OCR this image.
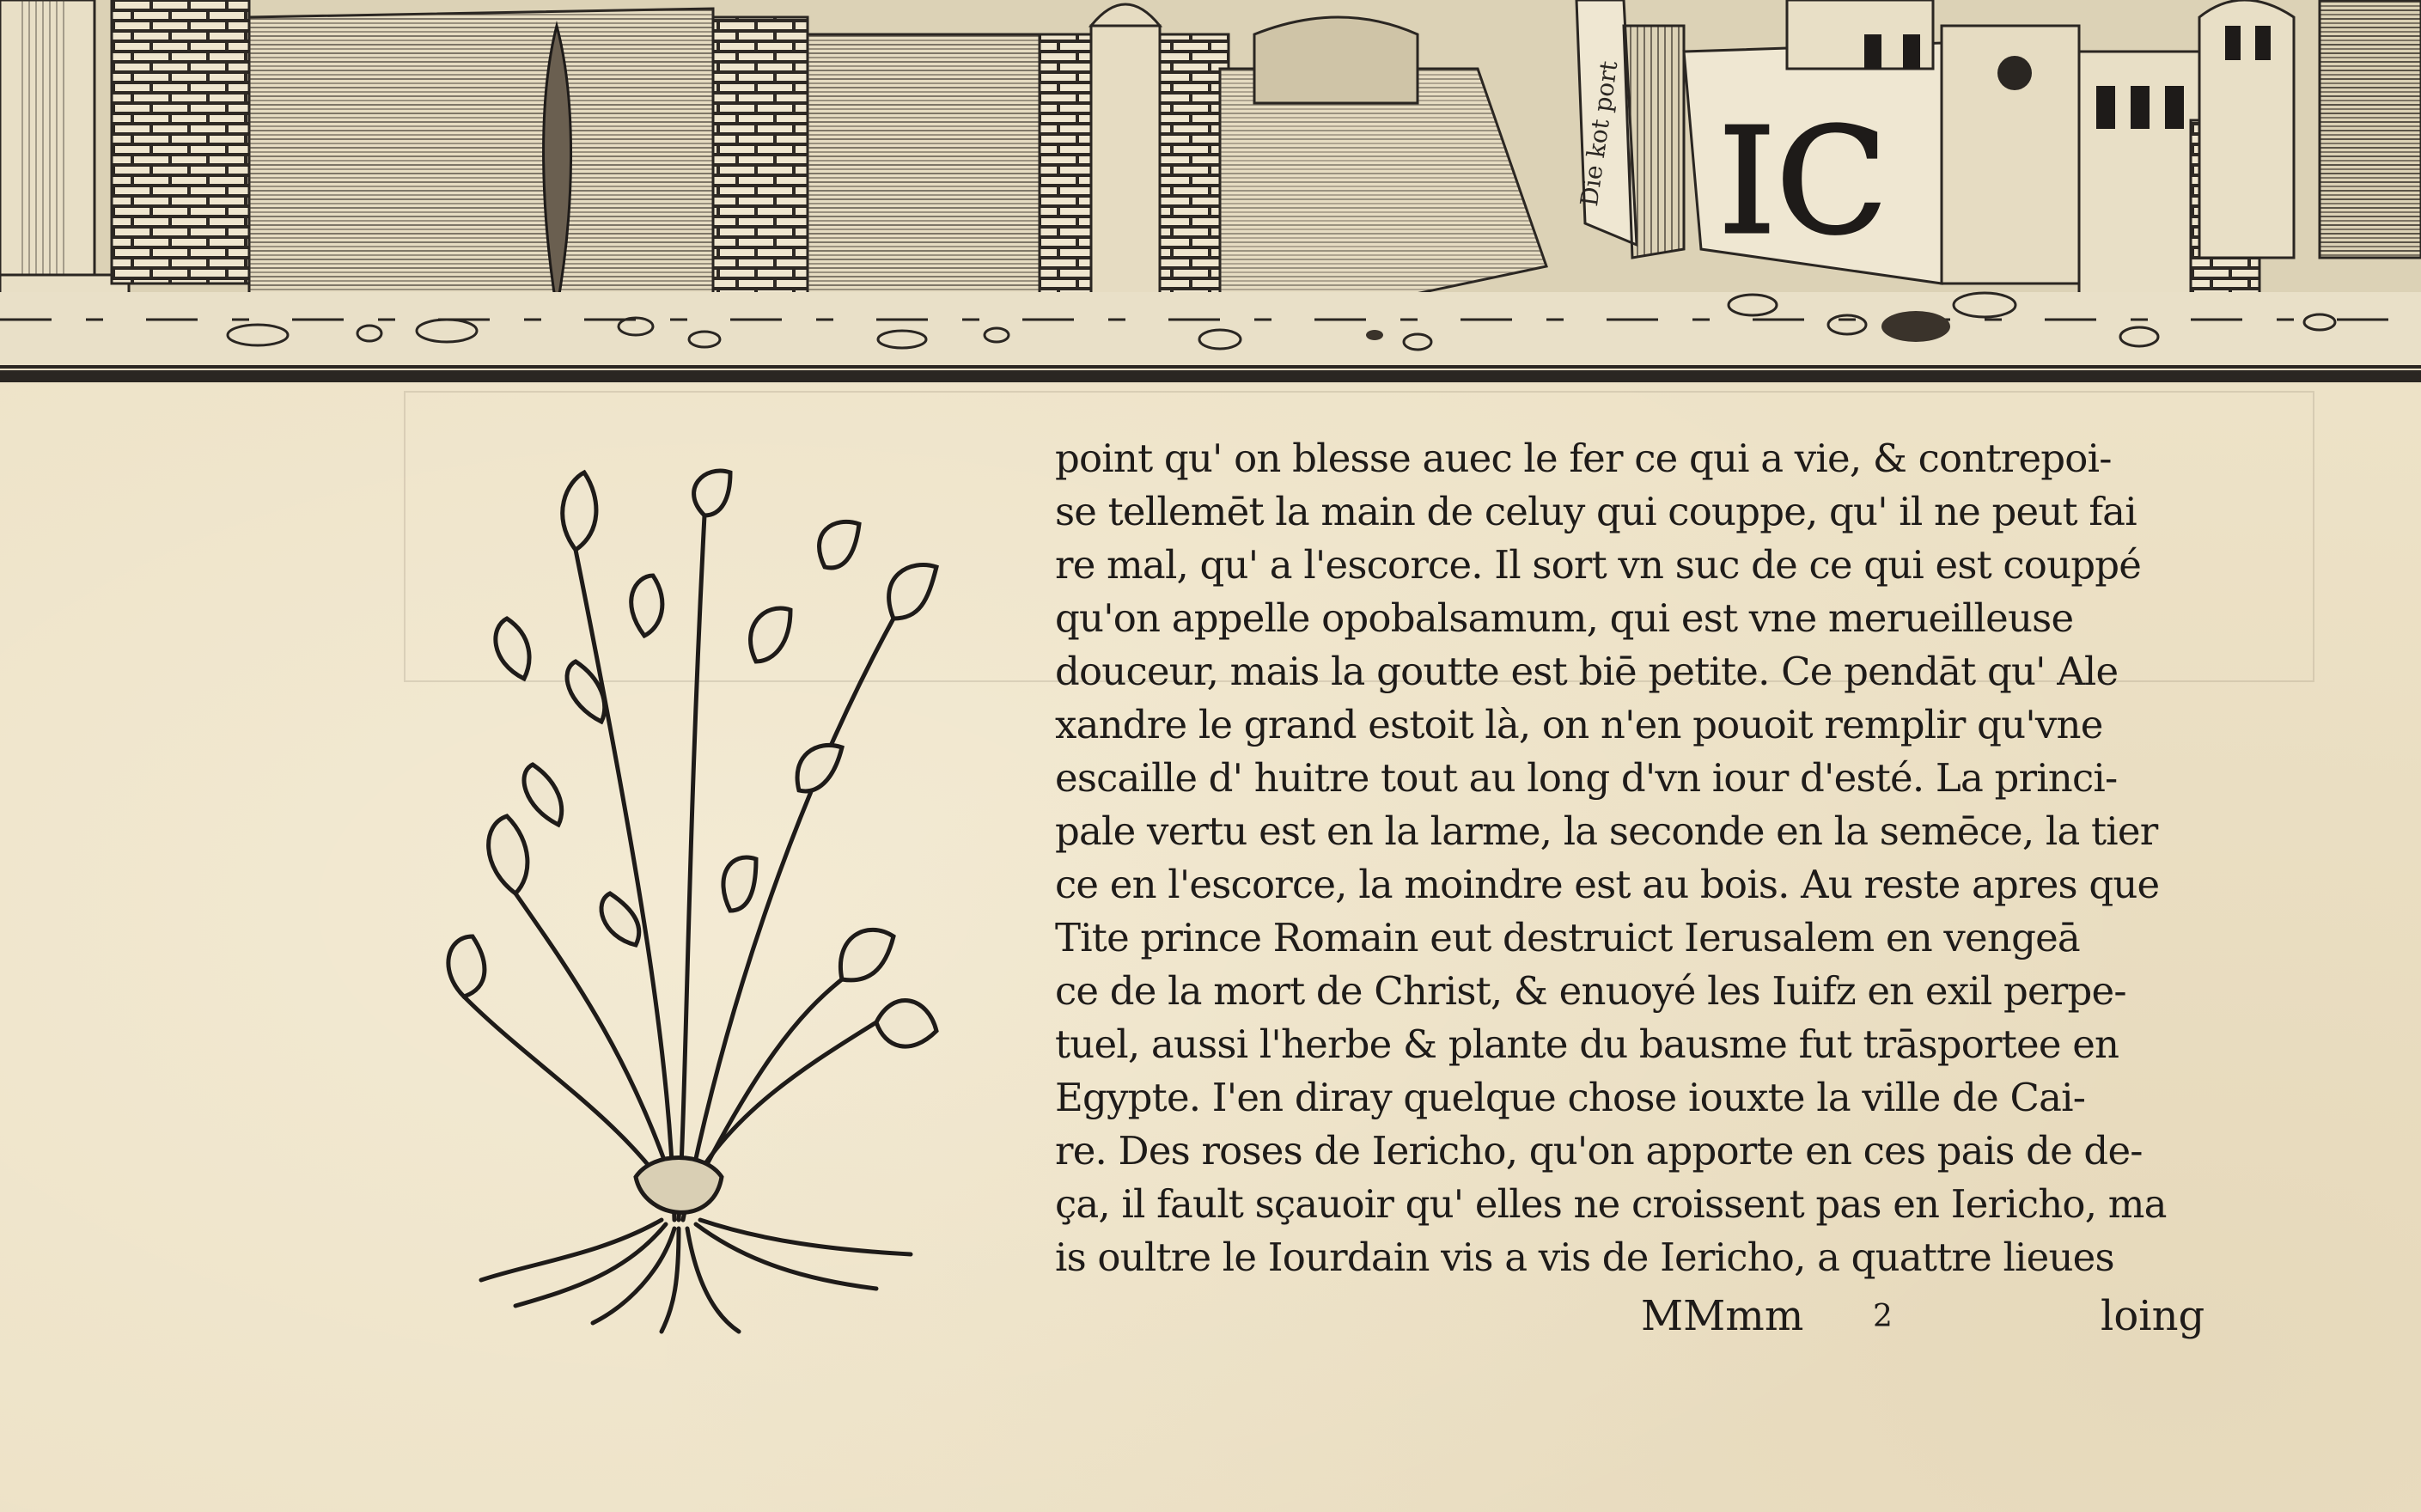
IC
Die kot port
point qu' on blesse auec le fer ce qui a vie, & contrepoi-
se tellemēt la main de celuy qui couppe, qu' il ne peut fai
re mal, qu' a l'escorce. Il sort vn suc de ce qui est couppé
qu'on appelle opobalsamum, qui est vne merueilleuse
douceur, mais la goutte est biē petite. Ce pendāt qu' Ale
xandre le grand estoit là, on n'en pouoit remplir qu'vne
escaille d' huitre tout au long d'vn iour d'esté. La princi-
pale vertu est en la larme, la seconde en la semēce, la tier
ce en l'escorce, la moindre est au bois. Au reste apres que
Tite prince Romain eut destruict Ierusalem en vengeā
ce de la mort de Christ, & enuoyé les Iuifz en exil perpe-
tuel, aussi l'herbe & plante du bausme fut trāsportee en
Egypte. I'en diray quelque chose iouxte la ville de Cai-
re. Des roses de Iericho, qu'on apporte en ces pais de de-
ça, il fault sçauoir qu' elles ne croissent pas en Iericho, ma
is oultre le Iourdain vis a vis de Iericho, a quattre lieues
MMmm 2	loing
